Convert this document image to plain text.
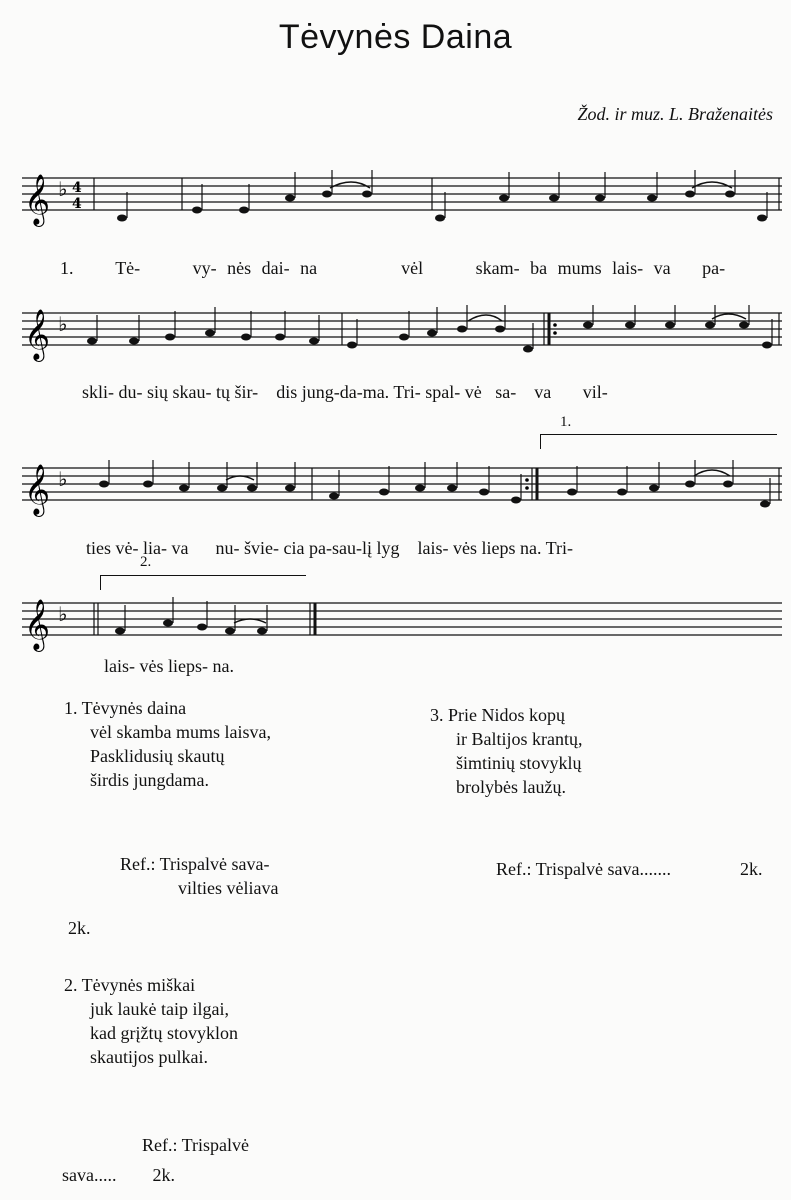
Tėvynės Daina
Žod. ir muz. L. Braženaitės
𝄞 ♭ 4
4
1. Tė-	vy- nės dai- na	vėl	skam- ba mums lais- va pa-
𝄞 ♭
skli- du- sių skau- tų šir- dis jung-da-ma. Tri- spal- vė sa- va vil-
1.
𝄞 ♭
ties vė- lia- va nu- švie- cia pa-sau-lį lyg lais- vės lieps na. Tri-
2.
𝄞 ♭
lais- vės lieps- na.
1. Tėvynės daina
vėl skamba mums laisva,
Pasklidusių skautų
širdis jungdama.
Ref.: Trispalvė sava-
vilties vėliava
2k.
2. Tėvynės miškai
juk laukė taip ilgai,
kad grįžtų stovyklon
skautijos pulkai.
Ref.: Trispalvė
sava..... 2k.
3. Prie Nidos kopų
ir Baltijos krantų,
šimtinių stovyklų
brolybės laužų.
Ref.: Trispalvė sava.......	2k.
